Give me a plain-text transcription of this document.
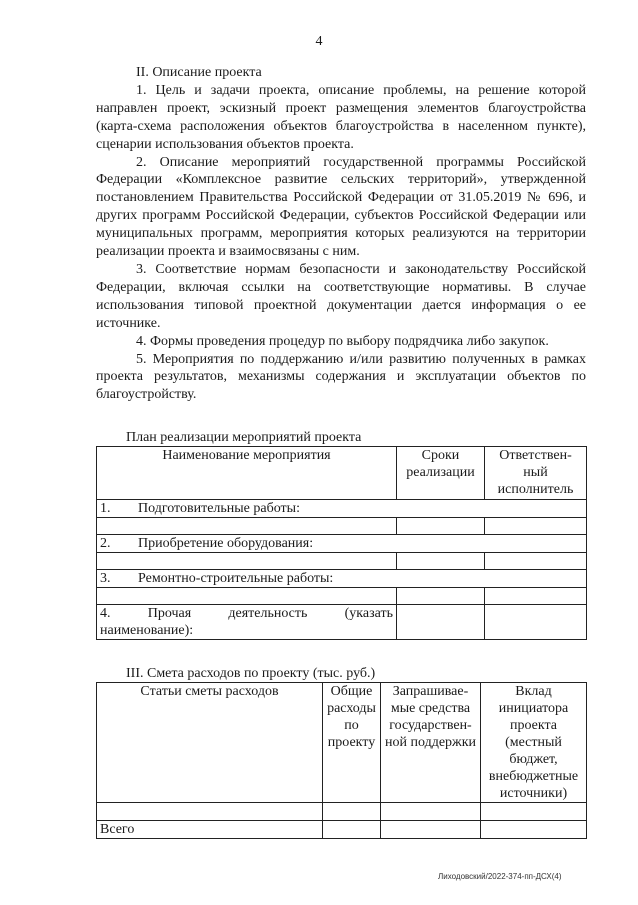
4

II. Описание проекта

1. Цель и задачи проекта, описание проблемы, на решение которой направлен проект, эскизный проект размещения элементов благоустройства (карта-схема расположения объектов благоустройства в населенном пункте), сценарии использования объектов проекта.

2. Описание мероприятий государственной программы Российской Федерации «Комплексное развитие сельских территорий», утвержденной постановлением Правительства Российской Федерации от 31.05.2019 № 696, и других программ Российской Федерации, субъектов Российской Федерации или муниципальных программ, мероприятия которых реализуются на территории реализации проекта и взаимосвязаны с ним.

3. Соответствие нормам безопасности и законодательству Российской Федерации, включая ссылки на соответствующие нормативы. В случае использования типовой проектной документации дается информация о ее источнике.

4. Формы проведения процедур по выбору подрядчика либо закупок.

5. Мероприятия по поддержанию и/или развитию полученных в рамках проекта результатов, механизмы содержания и эксплуатации объектов по благоустройству.

План реализации мероприятий проекта

Наименование мероприятия	Сроки реализации	Ответствен-ный исполнитель

1. Подготовительные работы:		

2. Приобретение оборудования:		

3. Ремонтно-строительные работы:		

4. Прочая деятельность (указать
наименование):		

III. Смета расходов по проекту (тыс. руб.)

Статьи сметы расходов	Общие расходы по проекту	Запрашивае-мые средства государствен-ной поддержки	Вклад инициатора проекта (местный бюджет, внебюджетные источники)

Всего			
Лиходовский/2022-374-пп-ДСХ(4)
